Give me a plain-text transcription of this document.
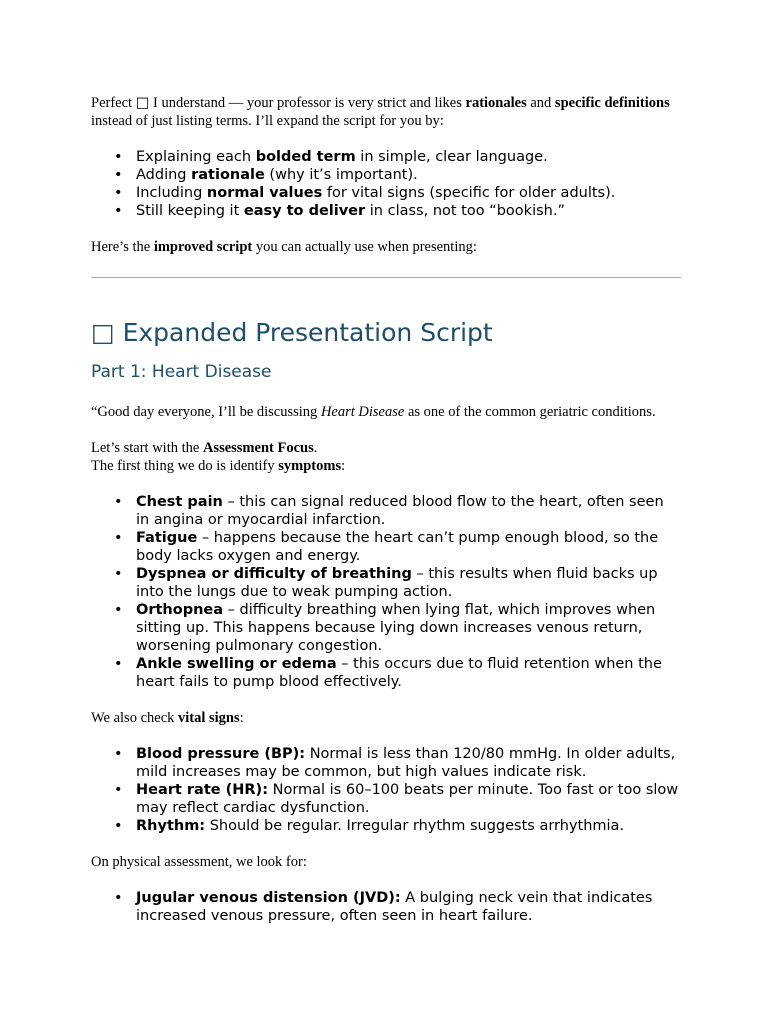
Perfect □ I understand — your professor is very strict and likes rationales and specific definitions instead of just listing terms. I’ll expand the script for you by:

• Explaining each bolded term in simple, clear language.
• Adding rationale (why it’s important).
• Including normal values for vital signs (specific for older adults).
• Still keeping it easy to deliver in class, not too “bookish.”

Here’s the improved script you can actually use when presenting:

□ Expanded Presentation Script
Part 1: Heart Disease

“Good day everyone, I’ll be discussing Heart Disease as one of the common geriatric conditions.

Let’s start with the Assessment Focus.
The first thing we do is identify symptoms:

• Chest pain – this can signal reduced blood flow to the heart, often seen in angina or myocardial infarction.
• Fatigue – happens because the heart can’t pump enough blood, so the body lacks oxygen and energy.
• Dyspnea or difficulty of breathing – this results when fluid backs up into the lungs due to weak pumping action.
• Orthopnea – difficulty breathing when lying flat, which improves when sitting up. This happens because lying down increases venous return, worsening pulmonary congestion.
• Ankle swelling or edema – this occurs due to fluid retention when the heart fails to pump blood effectively.

We also check vital signs:

• Blood pressure (BP): Normal is less than 120/80 mmHg. In older adults, mild increases may be common, but high values indicate risk.
• Heart rate (HR): Normal is 60–100 beats per minute. Too fast or too slow may reflect cardiac dysfunction.
• Rhythm: Should be regular. Irregular rhythm suggests arrhythmia.

On physical assessment, we look for:

• Jugular venous distension (JVD): A bulging neck vein that indicates increased venous pressure, often seen in heart failure.
